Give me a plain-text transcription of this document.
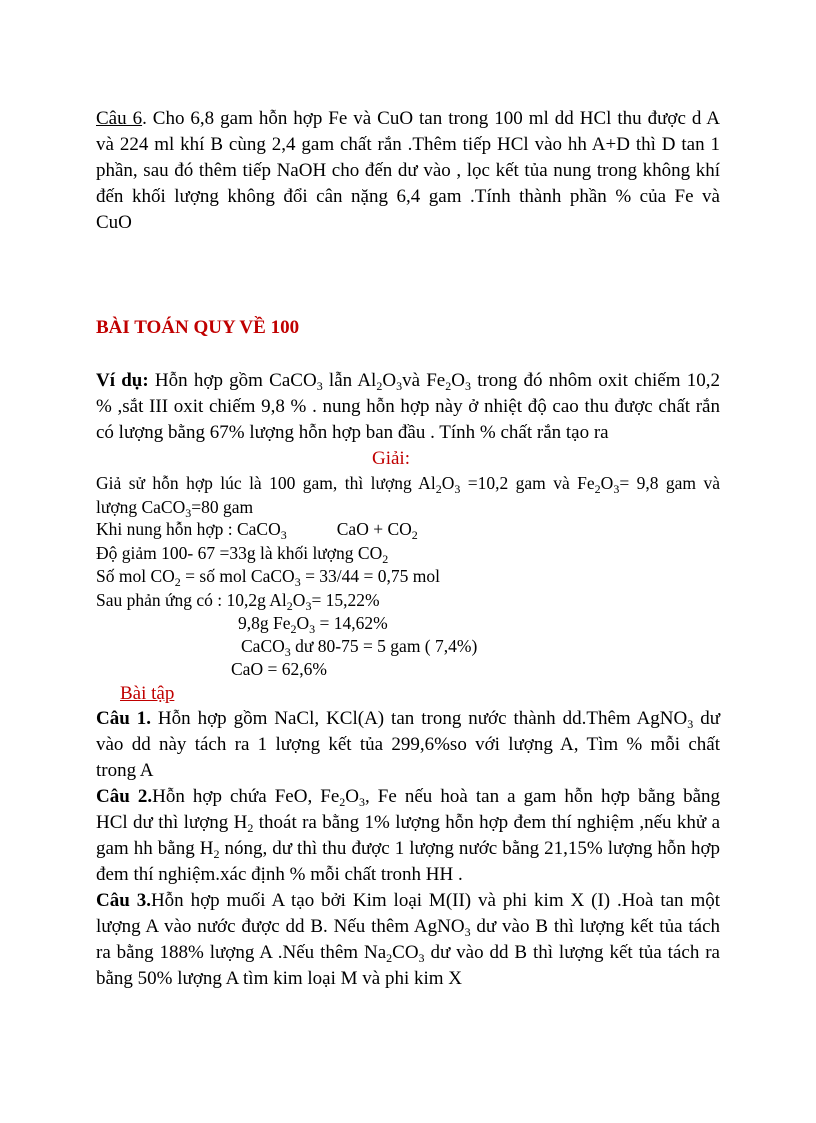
Câu 6. Cho 6,8 gam hỗn hợp Fe và CuO tan trong 100 ml dd HCl thu được d A
và 224 ml khí B cùng 2,4 gam chất rắn .Thêm tiếp HCl vào hh A+D thì D tan 1
phần, sau đó thêm tiếp NaOH cho đến dư vào , lọc kết tủa nung trong không khí
đến khối lượng không đổi cân nặng 6,4 gam .Tính thành phần % của Fe và
CuO
BÀI TOÁN QUY VỀ 100
Ví dụ: Hỗn hợp gồm CaCO$_3$ lẫn $Al_2O_3và$ $Fe_2O_3$ trong đó nhôm oxit chiếm 10,2
% ,sắt III oxit chiếm 9,8 % . nung hỗn hợp này ở nhiệt độ cao thu được chất rắn
có lượng bằng 67% lượng hỗn hợp ban đầu . Tính % chất rắn tạo ra
Giải:
Giả sử hỗn hợp lúc là 100 gam, thì lượng $Al_2O_3 =10,2$ gam và $Fe_2O_3= 9,8$ gam và
lượng CaCO$_3$=80 gam
Khi nung hỗn hợp : CaCO$_3$	CaO + $CO_2$
Độ giảm 100- 67 =33g là khối lượng $CO_2$
Số mol $CO_2$ = số mol CaCO$_3$ = 33/44 = 0,75 mol
Sau phản ứng có : 10,2g $Al_2O_3= 15,22\%$
9,8g $Fe_2O_3 = 14,62\%$
CaCO$_3$ dư 80-75 = 5 gam ( 7,4%)
CaO = 62,6%
Bài tập
Câu 1. Hỗn hợp gồm NaCl, KCl(A) tan trong nước thành dd.Thêm AgNO$_3$ dư
vào dd này tách ra 1 lượng kết tủa 299,6%so với lượng A, Tìm % mỗi chất
trong A
Câu 2.Hỗn hợp chứa FeO, $Fe_2O_3$, Fe nếu hoà tan a gam hỗn hợp bằng bằng
HCl dư thì lượng $H_2$ thoát ra bằng 1% lượng hỗn hợp đem thí nghiệm ,nếu khử a
gam hh bằng $H_2$ nóng, dư thì thu được 1 lượng nước bằng 21,15% lượng hỗn hợp
đem thí nghiệm.xác định % mỗi chất tronh HH .
Câu 3.Hỗn hợp muối A tạo bởi Kim loại M(II) và phi kim X (I) .Hoà tan một
lượng A vào nước được dd B. Nếu thêm AgNO$_3$ dư vào B thì lượng kết tủa tách
ra bằng 188% lượng A .Nếu thêm $Na_2CO_3$ dư vào dd B thì lượng kết tủa tách ra
bằng 50% lượng A tìm kim loại M và phi kim X
